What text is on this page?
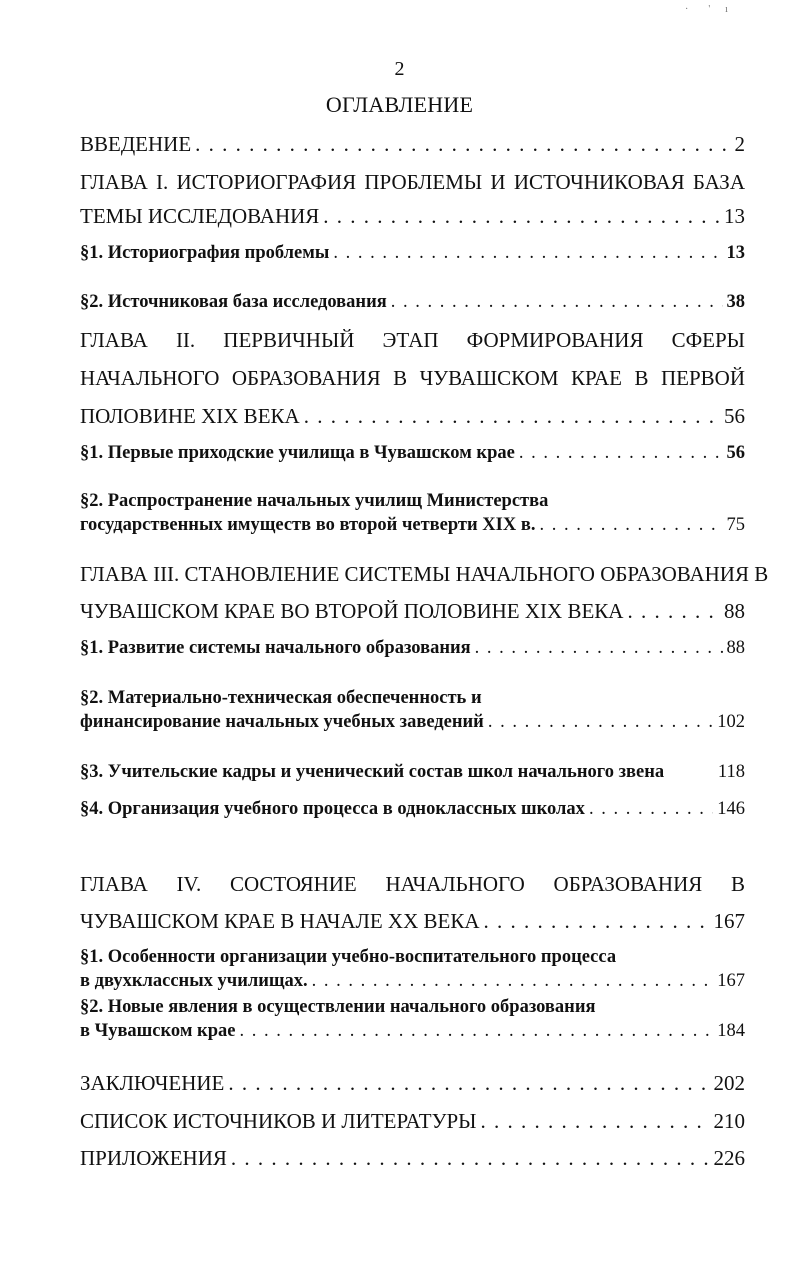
·        '      ı
2
ОГЛАВЛЕНИЕ
ВВЕДЕНИЕ . . .	2
ГЛАВА I. ИСТОРИОГРАФИЯ ПРОБЛЕМЫ И ИСТОЧНИКОВАЯ БАЗА
ТЕМЫ ИССЛЕДОВАНИЯ . . .	13
§1. Историография проблемы . . .	13
§2. Источниковая база исследования . . .	38
ГЛАВА II. ПЕРВИЧНЫЙ ЭТАП ФОРМИРОВАНИЯ СФЕРЫ
НАЧАЛЬНОГО ОБРАЗОВАНИЯ В ЧУВАШСКОМ КРАЕ В ПЕРВОЙ
ПОЛОВИНЕ XIX ВЕКА . . .	56
§1. Первые приходские училища в Чувашском крае . . .	56
§2. Распространение начальных училищ Министерства
государственных имуществ во второй четверти XIX в. . . .	75
ГЛАВА III. СТАНОВЛЕНИЕ СИСТЕМЫ НАЧАЛЬНОГО ОБРАЗОВАНИЯ В
ЧУВАШСКОМ КРАЕ ВО ВТОРОЙ ПОЛОВИНЕ XIX ВЕКА . . .	88
§1. Развитие системы начального образования . . .	88
§2. Материально-техническая обеспеченность и
финансирование начальных учебных заведений . . .	102
§3. Учительские кадры и ученический состав школ начального звена	118
§4. Организация учебного процесса в одноклассных школах . . .	146
ГЛАВА IV. СОСТОЯНИЕ НАЧАЛЬНОГО ОБРАЗОВАНИЯ В
ЧУВАШСКОМ КРАЕ В НАЧАЛЕ XX ВЕКА . . .	167
§1. Особенности организации учебно-воспитательного процесса
в двухклассных училищах. . . .	167
§2. Новые явления в осуществлении начального образования
в Чувашском крае . . .	184
ЗАКЛЮЧЕНИЕ . . .	202
СПИСОК ИСТОЧНИКОВ И ЛИТЕРАТУРЫ . . .	210
ПРИЛОЖЕНИЯ . . .	226
